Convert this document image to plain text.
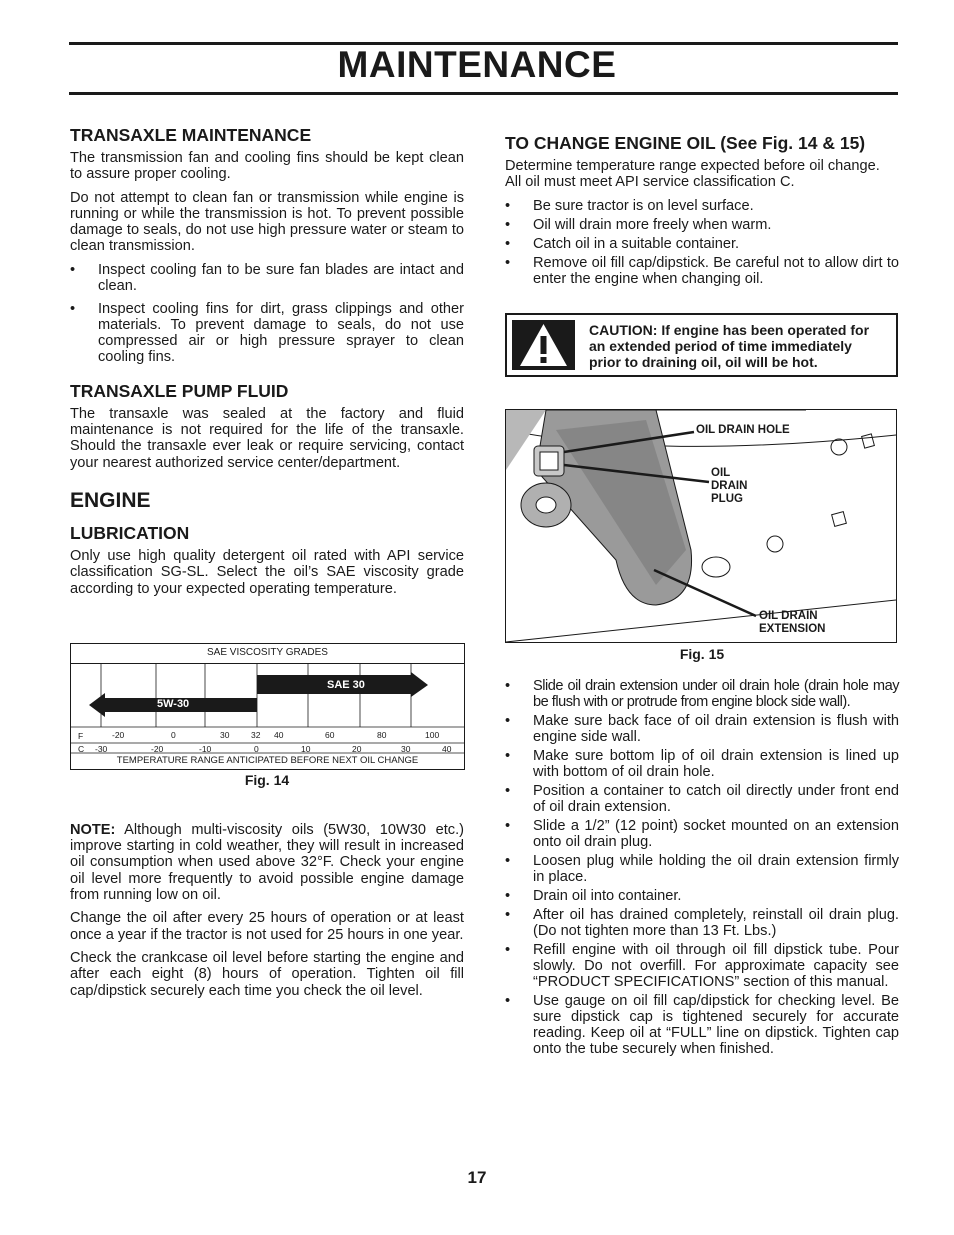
MAINTENANCE
TRANSAXLE MAINTENANCE

The transmission fan and cooling fins should be kept clean to assure proper cooling.

Do not attempt to clean fan or transmission while engine is running or while the transmission is hot. To prevent possible damage to seals, do not use high pressure water or steam to clean transmission.

• Inspect cooling fan to be sure fan blades are intact and clean.
• Inspect cooling fins for dirt, grass clippings and other materials. To prevent damage to seals, do not use compressed air or high pressure sprayer to clean cooling fins.
TRANSAXLE PUMP FLUID

The transaxle was sealed at the factory and fluid maintenance is not required for the life of the transaxle. Should the transaxle ever leak or require servicing, contact your nearest authorized service center/department.

ENGINE
LUBRICATION

Only use high quality detergent oil rated with API service classification SG-SL. Select the oil’s SAE viscosity grade according to your expected operating temperature.

SAE VISCOSITY GRADES
5W-30
SAE 30
F	-20	0	30	32 40	60	80	100
C -30	-20	-10	0	10	20	30	40
TEMPERATURE RANGE ANTICIPATED BEFORE NEXT OIL CHANGE
Fig. 14

NOTE: Although multi-viscosity oils (5W30, 10W30 etc.) improve starting in cold weather, they will result in increased oil consumption when used above 32°F. Check your engine oil level more frequently to avoid possible engine damage from running low on oil.

Change the oil after every 25 hours of operation or at least once a year if the tractor is not used for 25 hours in one year.

Check the crankcase oil level before starting the engine and after each eight (8) hours of operation. Tighten oil fill cap/dipstick securely each time you check the oil level.

TO CHANGE ENGINE OIL (See Fig. 14 & 15)

Determine temperature range expected before oil change. All oil must meet API service classification C.

• Be sure tractor is on level surface.
• Oil will drain more freely when warm.
• Catch oil in a suitable container.
• Remove oil fill cap/dipstick. Be careful not to allow dirt to enter the engine when changing oil.
CAUTION: If engine has been operated for an extended period of time immediately prior to draining oil, oil will be hot.
OIL DRAIN HOLE
OIL
DRAIN
PLUG
OIL DRAIN
EXTENSION
Fig. 15
• Slide oil drain extension under oil drain hole (drain hole may be flush with or protrude from engine block side wall).
• Make sure back face of oil drain extension is flush with engine side wall.
• Make sure bottom lip of oil drain extension is lined up with bottom of oil drain hole.
• Position a container to catch oil directly under front end of oil drain extension.
• Slide a 1/2” (12 point) socket mounted on an extension onto oil drain plug.
• Loosen plug while holding the oil drain extension firmly in place.
• Drain oil into container.
• After oil has drained completely, reinstall oil drain plug. (Do not tighten more than 13 Ft. Lbs.)
• Refill engine with oil through oil fill dipstick tube. Pour slowly. Do not overfill. For approximate capacity see “PRODUCT SPECIFICATIONS” section of this manual.
• Use gauge on oil fill cap/dipstick for checking level. Be sure dipstick cap is tightened securely for accurate reading. Keep oil at “FULL” line on dipstick. Tighten cap onto the tube securely when finished.
17
